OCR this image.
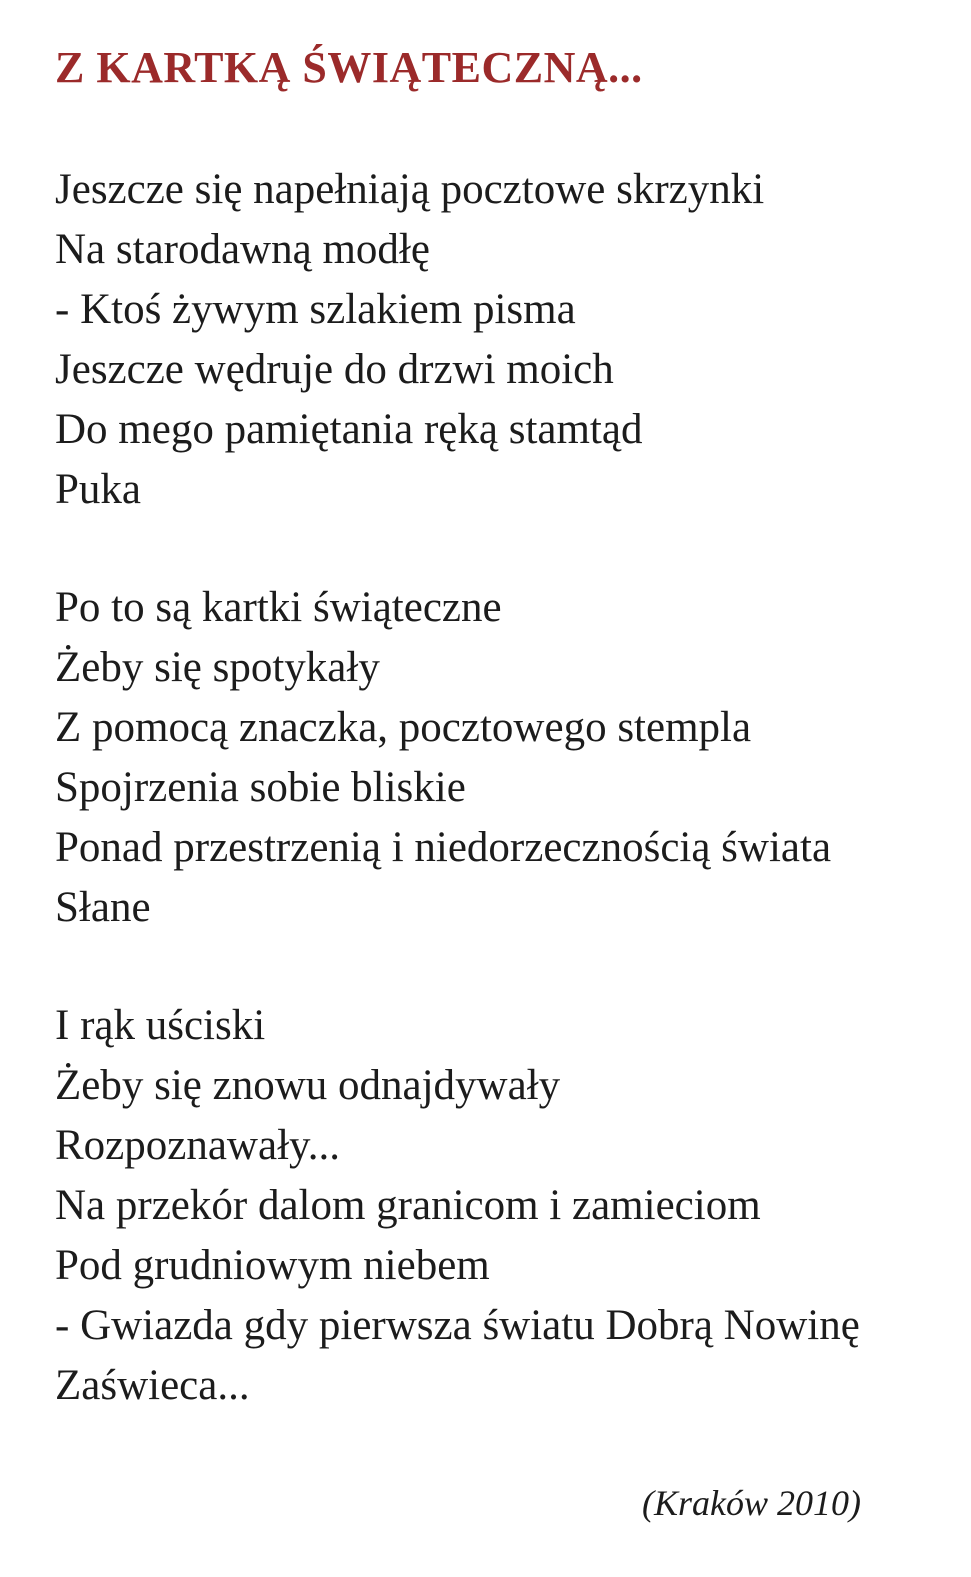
Z KARTKĄ ŚWIĄTECZNĄ...
Jeszcze się napełniają pocztowe skrzynki
Na starodawną modłę
- Ktoś żywym szlakiem pisma
Jeszcze wędruje do drzwi moich
Do mego pamiętania ręką stamtąd
Puka
Po to są kartki świąteczne
Żeby się spotykały
Z pomocą znaczka, pocztowego stempla
Spojrzenia sobie bliskie
Ponad przestrzenią i niedorzecznością świata
Słane
I rąk uściski
Żeby się znowu odnajdywały
Rozpoznawały...
Na przekór dalom granicom i zamieciom
Pod grudniowym niebem
- Gwiazda gdy pierwsza światu Dobrą Nowinę
Zaświeca...
(Kraków 2010)
